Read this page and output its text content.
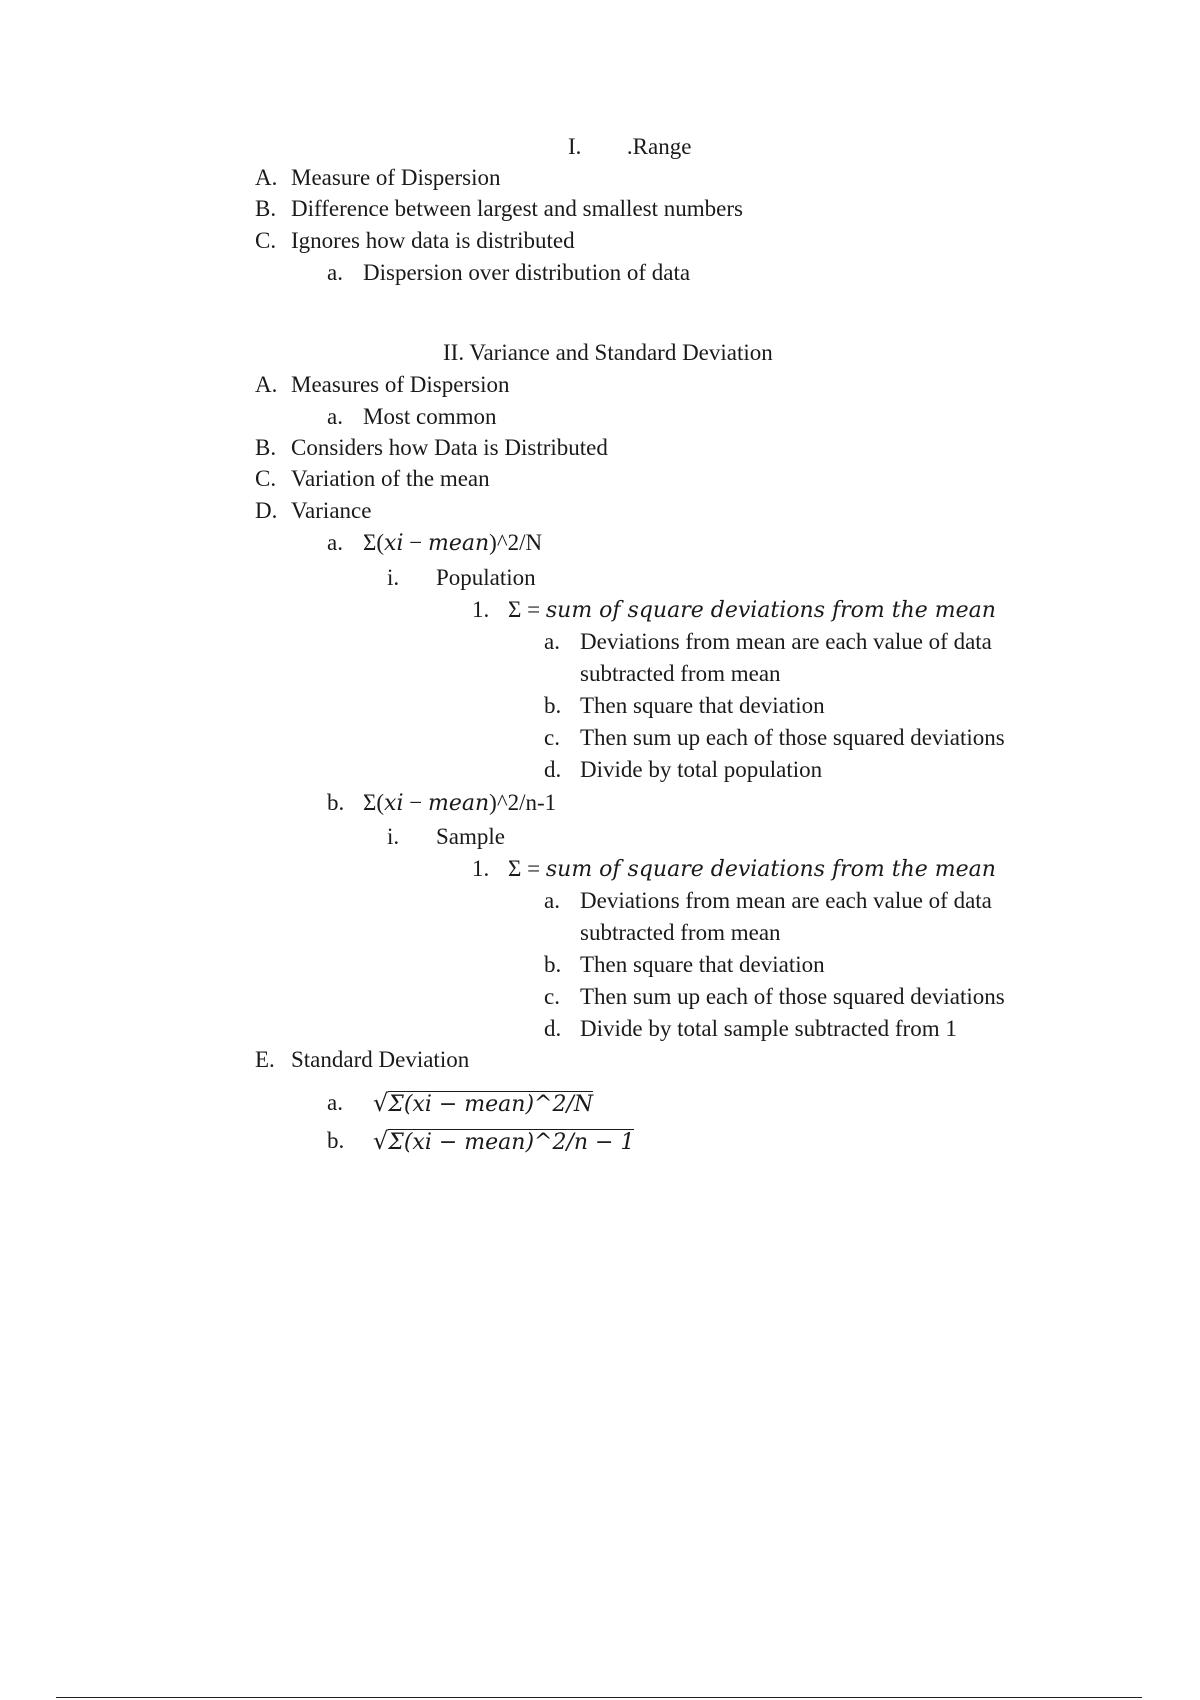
I. .Range
A. Measure of Dispersion
B. Difference between largest and smallest numbers
C. Ignores how data is distributed
a. Dispersion over distribution of data
II. Variance and Standard Deviation
A. Measures of Dispersion
a. Most common
B. Considers how Data is Distributed
C. Variation of the mean
D. Variance
a. Σ(xi − mean)^2/N
i. Population
1. Σ = sum of square deviations from the mean
a. Deviations from mean are each value of data
subtracted from mean
b. Then square that deviation
c. Then sum up each of those squared deviations
d. Divide by total population
b. Σ(xi − mean)^2/n-1
i. Sample
1. Σ = sum of square deviations from the mean
a. Deviations from mean are each value of data
subtracted from mean
b. Then square that deviation
c. Then sum up each of those squared deviations
d. Divide by total sample subtracted from 1
E. Standard Deviation
a. √Σ(xi − mean)^2/N
b. √Σ(xi − mean)^2/n − 1
